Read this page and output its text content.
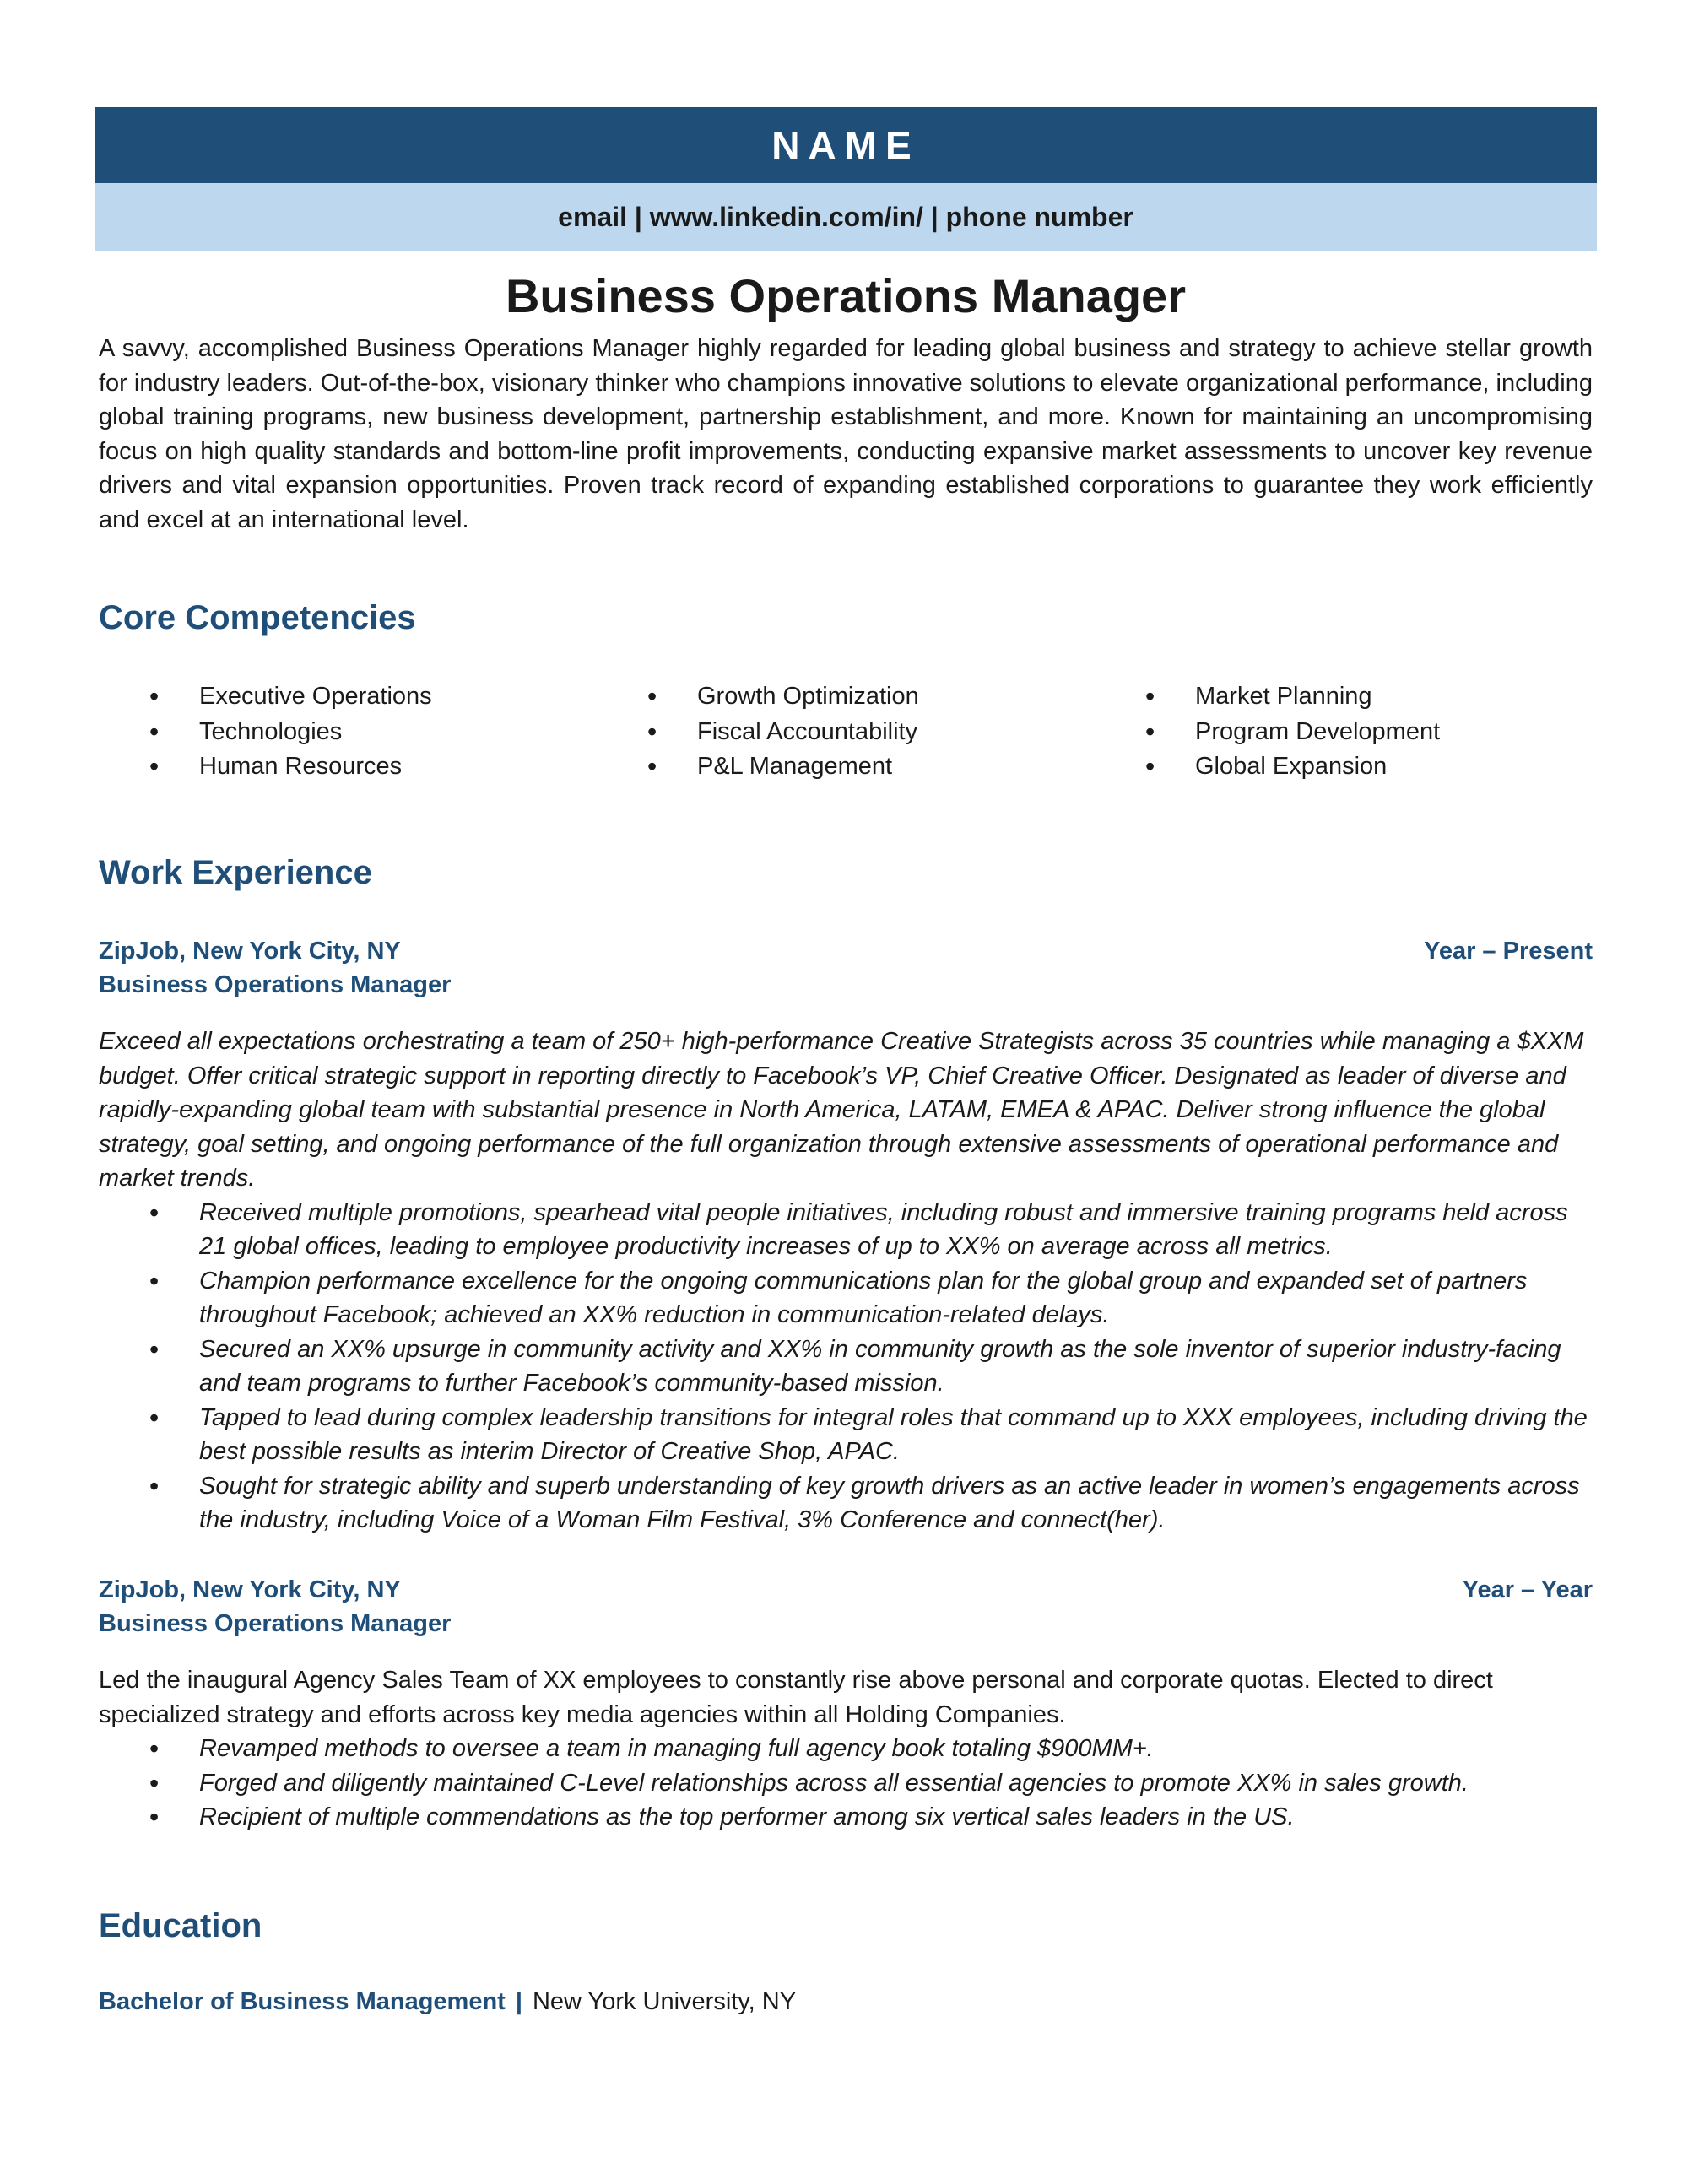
NAME
email | www.linkedin.com/in/ | phone number
Business Operations Manager

A savvy, accomplished Business Operations Manager highly regarded for leading global business and strategy to achieve stellar growth for industry leaders. Out-of-the-box, visionary thinker who champions innovative solutions to elevate organizational performance, including global training programs, new business development, partnership establishment, and more. Known for maintaining an uncompromising focus on high quality standards and bottom-line profit improvements, conducting expansive market assessments to uncover key revenue drivers and vital expansion opportunities. Proven track record of expanding established corporations to guarantee they work efficiently and excel at an international level.

Core Competencies
• Executive Operations
• Technologies
• Human Resources
• Growth Optimization
• Fiscal Accountability
• P&L Management
• Market Planning
• Program Development
• Global Expansion
Work Experience
ZipJob, New York City, NY	Year – Present
Business Operations Manager

Exceed all expectations orchestrating a team of 250+ high-performance Creative Strategists across 35 countries while managing a $XXM budget. Offer critical strategic support in reporting directly to Facebook’s VP, Chief Creative Officer. Designated as leader of diverse and rapidly-expanding global team with substantial presence in North America, LATAM, EMEA & APAC. Deliver strong influence the global strategy, goal setting, and ongoing performance of the full organization through extensive assessments of operational performance and market trends.

• Received multiple promotions, spearhead vital people initiatives, including robust and immersive training programs held across 21 global offices, leading to employee productivity increases of up to XX% on average across all metrics.
• Champion performance excellence for the ongoing communications plan for the global group and expanded set of partners throughout Facebook; achieved an XX% reduction in communication-related delays.
• Secured an XX% upsurge in community activity and XX% in community growth as the sole inventor of superior industry-facing and team programs to further Facebook’s community-based mission.
• Tapped to lead during complex leadership transitions for integral roles that command up to XXX employees, including driving the best possible results as interim Director of Creative Shop, APAC.
• Sought for strategic ability and superb understanding of key growth drivers as an active leader in women’s engagements across the industry, including Voice of a Woman Film Festival, 3% Conference and connect(her).
ZipJob, New York City, NY	Year – Year
Business Operations Manager

Led the inaugural Agency Sales Team of XX employees to constantly rise above personal and corporate quotas. Elected to direct specialized strategy and efforts across key media agencies within all Holding Companies.

• Revamped methods to oversee a team in managing full agency book totaling $900MM+.
• Forged and diligently maintained C-Level relationships across all essential agencies to promote XX% in sales growth.
• Recipient of multiple commendations as the top performer among six vertical sales leaders in the US.
Education
Bachelor of Business Management | New York University, NY
